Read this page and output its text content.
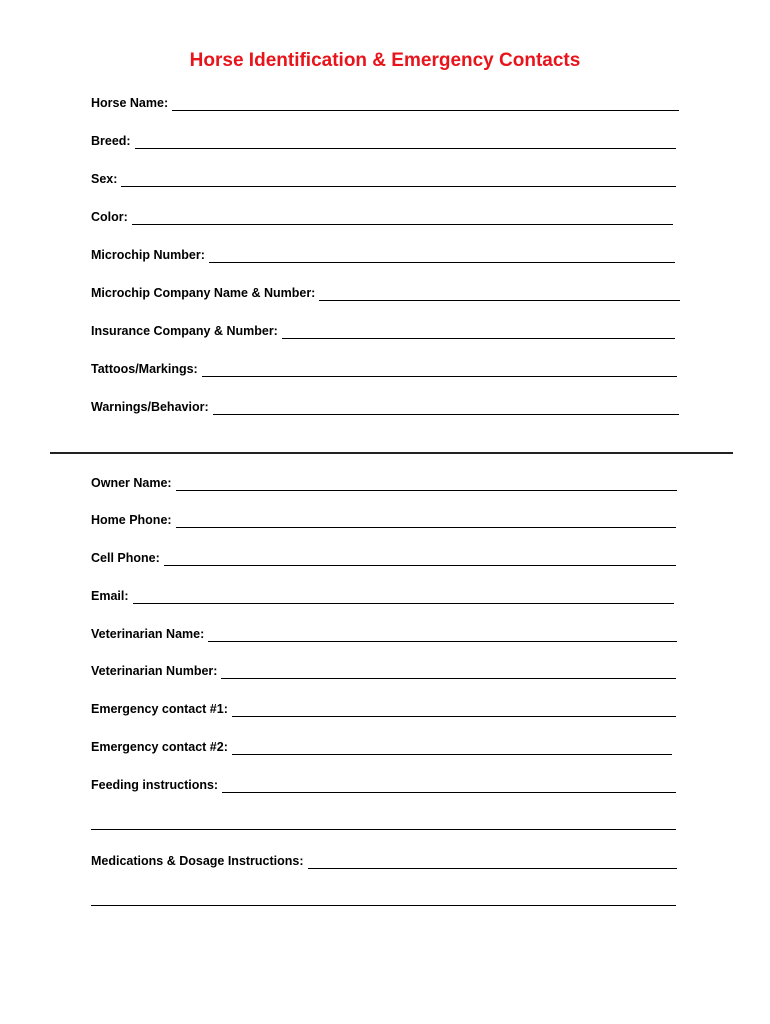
Horse Identification & Emergency Contacts
Horse Name:
Breed:
Sex:
Color:
Microchip Number:
Microchip Company Name & Number:
Insurance Company & Number:
Tattoos/Markings:
Warnings/Behavior:
Owner Name:
Home Phone:
Cell Phone:
Email:
Veterinarian Name:
Veterinarian Number:
Emergency contact #1:
Emergency contact #2:
Feeding instructions:
Medications & Dosage Instructions:
